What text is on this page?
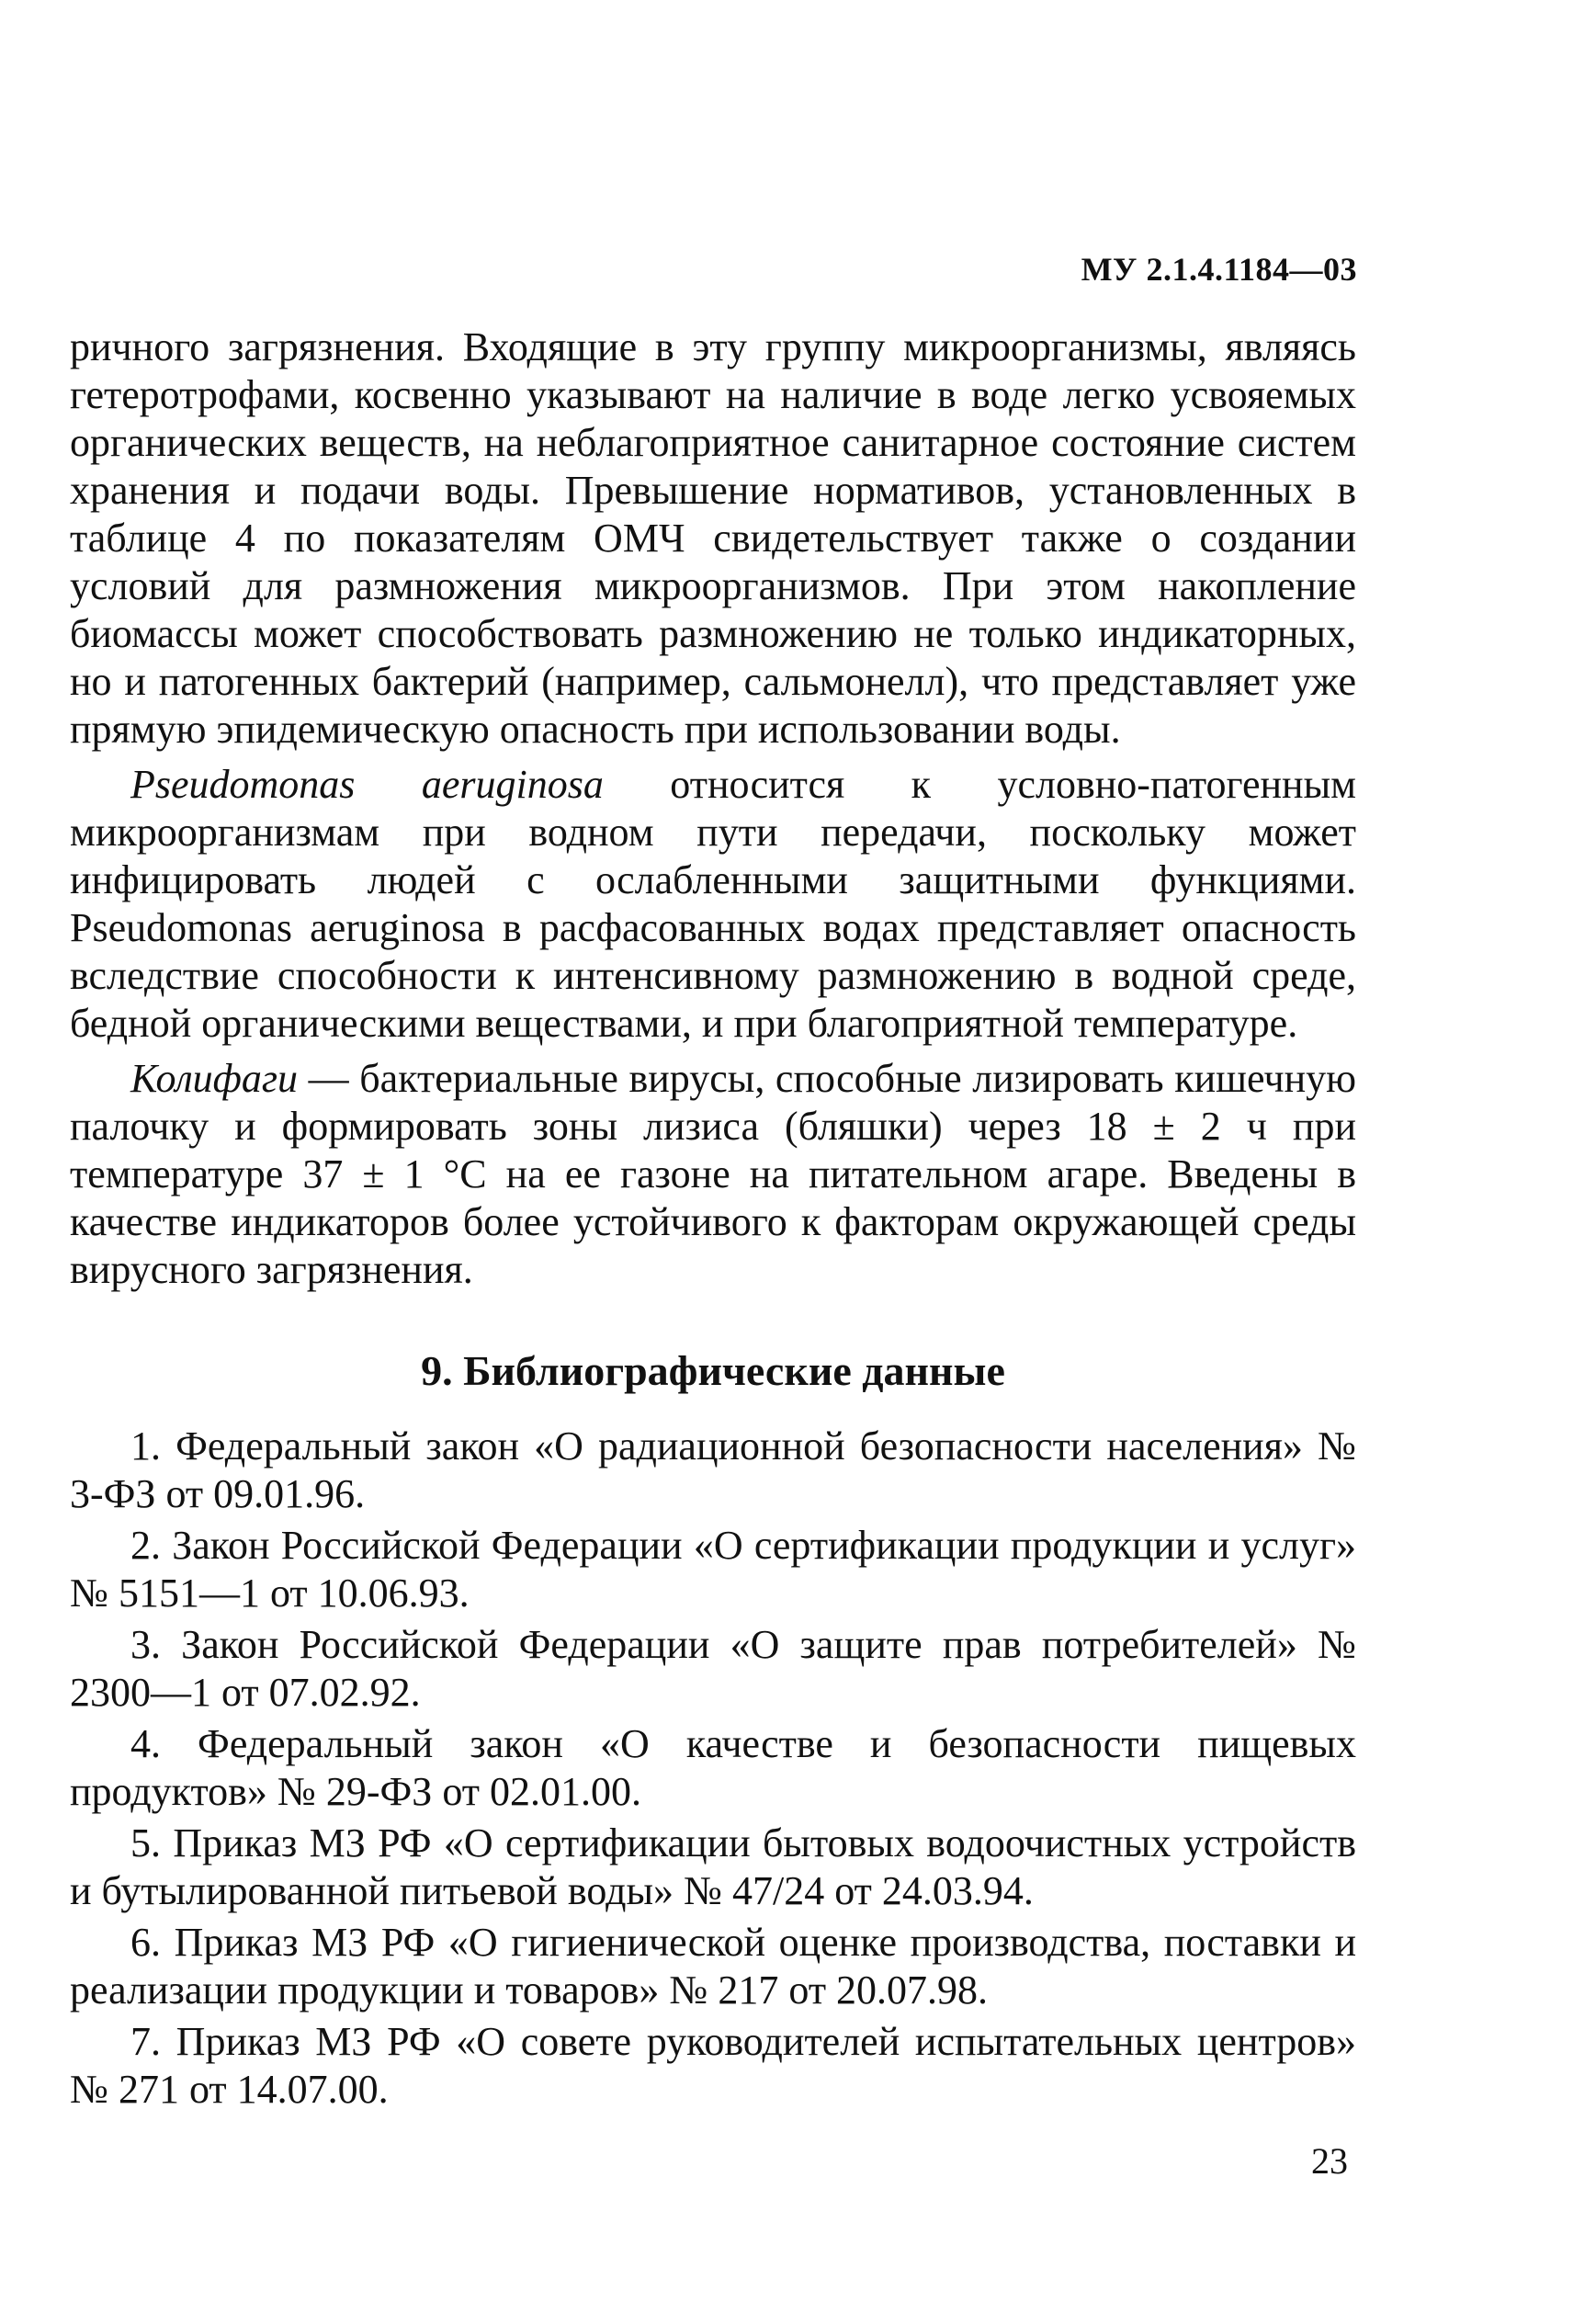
МУ 2.1.4.1184—03

ричного загрязнения. Входящие в эту группу микроорганизмы, являясь гетеротрофами, косвенно указывают на наличие в воде легко усвояемых органических веществ, на неблагоприятное санитарное состояние систем хранения и подачи воды. Превышение нормативов, установленных в таблице 4 по показателям ОМЧ свидетельствует также о создании условий для размножения микроорганизмов. При этом накопление биомассы может способствовать размножению не только индикаторных, но и патогенных бактерий (например, сальмонелл), что представляет уже прямую эпидемическую опасность при использовании воды.

Pseudomonas aeruginosa относится к условно-патогенным микроорганизмам при водном пути передачи, поскольку может инфицировать людей с ослабленными защитными функциями. Pseudomonas aeruginosa в расфасованных водах представляет опасность вследствие способности к интенсивному размножению в водной среде, бедной органическими веществами, и при благоприятной температуре.

Колифаги — бактериальные вирусы, способные лизировать кишечную палочку и формировать зоны лизиса (бляшки) через 18 ± 2 ч при температуре 37 ± 1 °С на ее газоне на питательном агаре. Введены в качестве индикаторов более устойчивого к факторам окружающей среды вирусного загрязнения.

9. Библиографические данные

1. Федеральный закон «О радиационной безопасности населения» № 3-ФЗ от 09.01.96.

2. Закон Российской Федерации «О сертификации продукции и услуг» № 5151—1 от 10.06.93.

3. Закон Российской Федерации «О защите прав потребителей» № 2300—1 от 07.02.92.

4. Федеральный закон «О качестве и безопасности пищевых продуктов» № 29-ФЗ от 02.01.00.

5. Приказ МЗ РФ «О сертификации бытовых водоочистных устройств и бутылированной питьевой воды» № 47/24 от 24.03.94.

6. Приказ МЗ РФ «О гигиенической оценке производства, поставки и реализации продукции и товаров» № 217 от 20.07.98.

7. Приказ МЗ РФ «О совете руководителей испытательных центров» № 271 от 14.07.00.

23
